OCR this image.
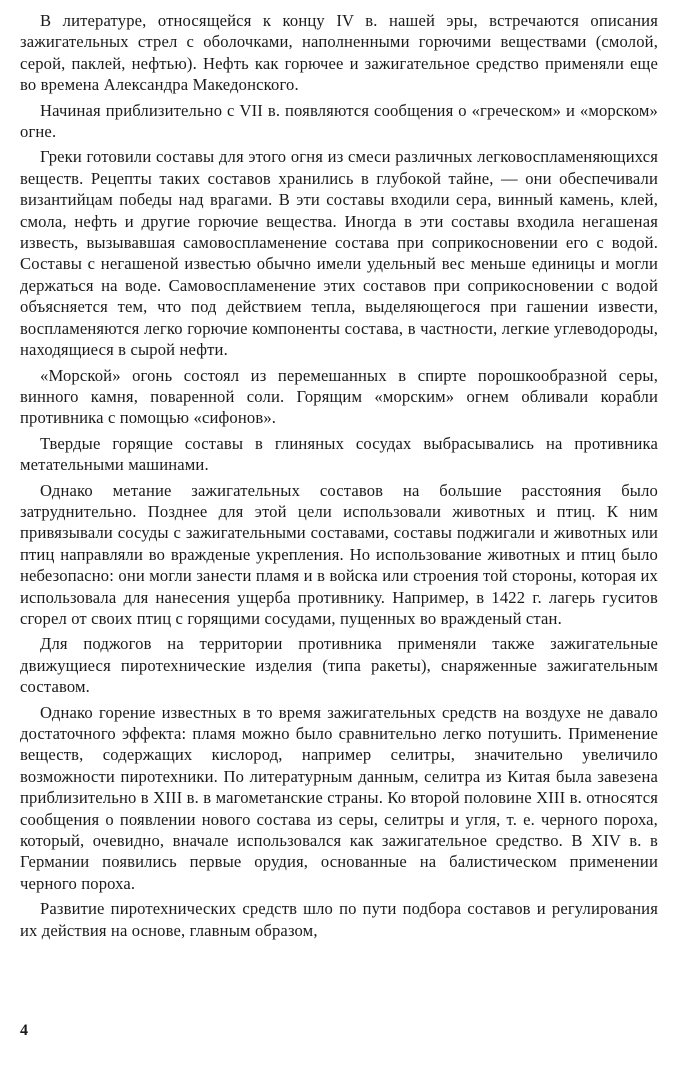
В литературе, относящейся к концу IV в. нашей эры, встречаются описания зажигательных стрел с оболочками, наполненными горючими веществами (смолой, серой, паклей, нефтью). Нефть как горючее и зажигательное средство применяли еще во времена Александра Македонского.

Начиная приблизительно с VII в. появляются сообщения о «греческом» и «морском» огне.

Греки готовили составы для этого огня из смеси различных легковоспламеняющихся веществ. Рецепты таких составов хранились в глубокой тайне, — они обеспечивали византийцам победы над врагами. В эти составы входили сера, винный камень, клей, смола, нефть и другие горючие вещества. Иногда в эти составы входила негашеная известь, вызывавшая самовоспламенение состава при соприкосновении его с водой. Составы с негашеной известью обычно имели удельный вес меньше единицы и могли держаться на воде. Самовоспламенение этих составов при соприкосновении с водой объясняется тем, что под действием тепла, выделяющегося при гашении извести, воспламеняются легко горючие компоненты состава, в частности, легкие углеводороды, находящиеся в сырой нефти.

«Морской» огонь состоял из перемешанных в спирте порошкообразной серы, винного камня, поваренной соли. Горящим «морским» огнем обливали корабли противника с помощью «сифонов».

Твердые горящие составы в глиняных сосудах выбрасывались на противника метательными машинами.

Однако метание зажигательных составов на большие расстояния было затруднительно. Позднее для этой цели использовали животных и птиц. К ним привязывали сосуды с зажигательными составами, составы поджигали и животных или птиц направляли во вражденые укрепления. Но использование животных и птиц было небезопасно: они могли занести пламя и в войска или строения той стороны, которая их использовала для нанесения ущерба противнику. Например, в 1422 г. лагерь гуситов сгорел от своих птиц с горящими сосудами, пущенных во вражденый стан.

Для поджогов на территории противника применяли также зажигательные движущиеся пиротехнические изделия (типа ракеты), снаряженные зажигательным составом.

Однако горение известных в то время зажигательных средств на воздухе не давало достаточного эффекта: пламя можно было сравнительно легко потушить. Применение веществ, содержащих кислород, например селитры, значительно увеличило возможности пиротехники. По литературным данным, селитра из Китая была завезена приблизительно в XIII в. в магометанские страны. Ко второй половине XIII в. относятся сообщения о появлении нового состава из серы, селитры и угля, т. е. черного пороха, который, очевидно, вначале использовался как зажигательное средство. В XIV в. в Германии появились первые орудия, основанные на балистическом применении черного пороха.

Развитие пиротехнических средств шло по пути подбора составов и регулирования их действия на основе, главным образом,

4
